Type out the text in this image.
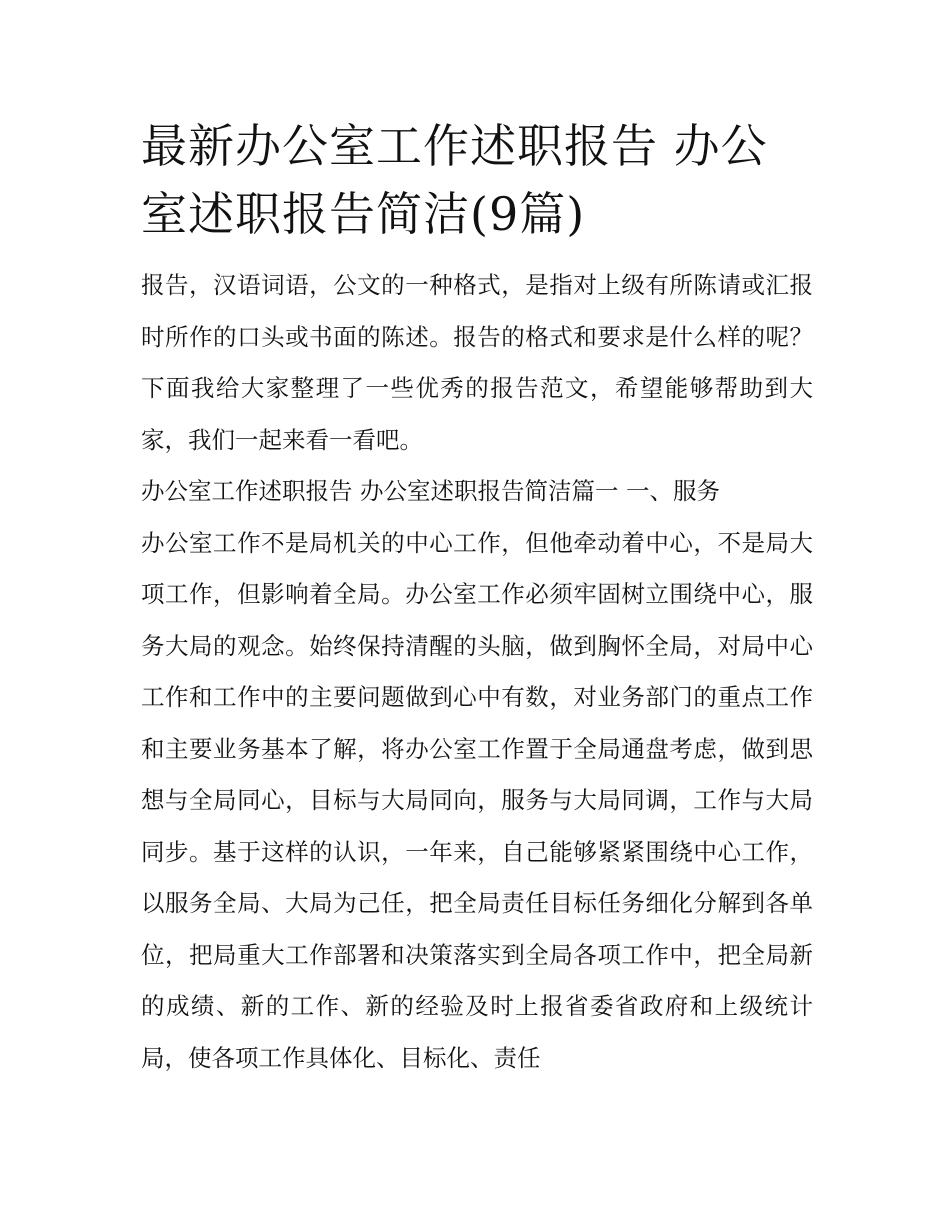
最新办公室工作述职报告 办公室述职报告简洁(9篇)

报告，汉语词语，公文的一种格式，是指对上级有所陈请或汇报时所作的口头或书面的陈述。报告的格式和要求是什么样的呢？下面我给大家整理了一些优秀的报告范文，希望能够帮助到大家，我们一起来看一看吧。

办公室工作述职报告 办公室述职报告简洁篇一 一、服务

办公室工作不是局机关的中心工作，但他牵动着中心，不是局大项工作，但影响着全局。办公室工作必须牢固树立围绕中心，服务大局的观念。始终保持清醒的头脑，做到胸怀全局，对局中心工作和工作中的主要问题做到心中有数，对业务部门的重点工作和主要业务基本了解，将办公室工作置于全局通盘考虑，做到思想与全局同心，目标与大局同向，服务与大局同调，工作与大局同步。基于这样的认识，一年来，自己能够紧紧围绕中心工作，以服务全局、大局为己任，把全局责任目标任务细化分解到各单位，把局重大工作部署和决策落实到全局各项工作中，把全局新的成绩、新的工作、新的经验及时上报省委省政府和上级统计局，使各项工作具体化、目标化、责任
